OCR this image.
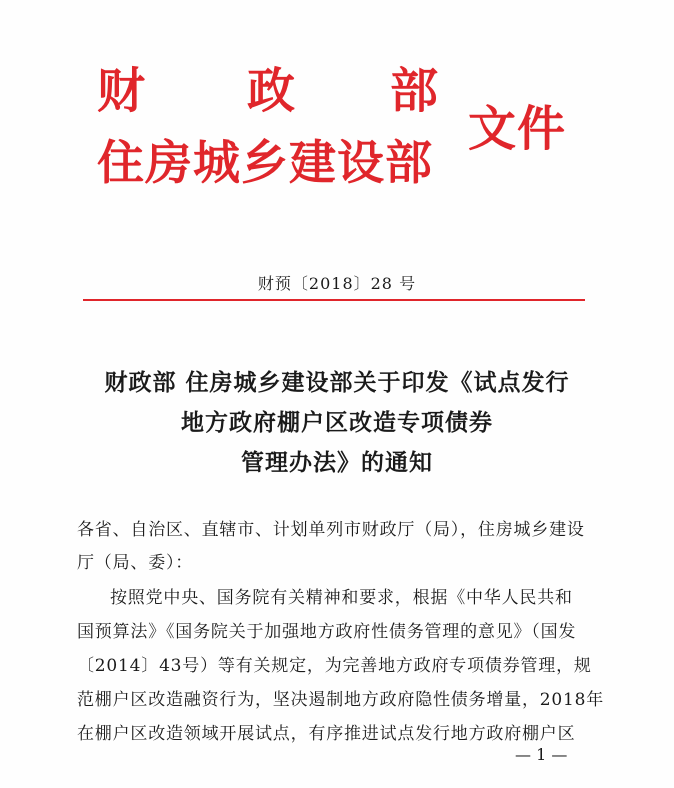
财 政 部
住房城乡建设部
文件
财预〔2018〕28 号
财政部 住房城乡建设部关于印发《试点发行
地方政府棚户区改造专项债券
管理办法》的通知
各省、自治区、直辖市、计划单列市财政厅（局），住房城乡建设
厅（局、委）：
按照党中央、国务院有关精神和要求，根据《中华人民共和
国预算法》《国务院关于加强地方政府性债务管理的意见》（国发
〔2014〕43号）等有关规定，为完善地方政府专项债券管理，规
范棚户区改造融资行为，坚决遏制地方政府隐性债务增量，2018年
在棚户区改造领域开展试点，有序推进试点发行地方政府棚户区
— 1 —
